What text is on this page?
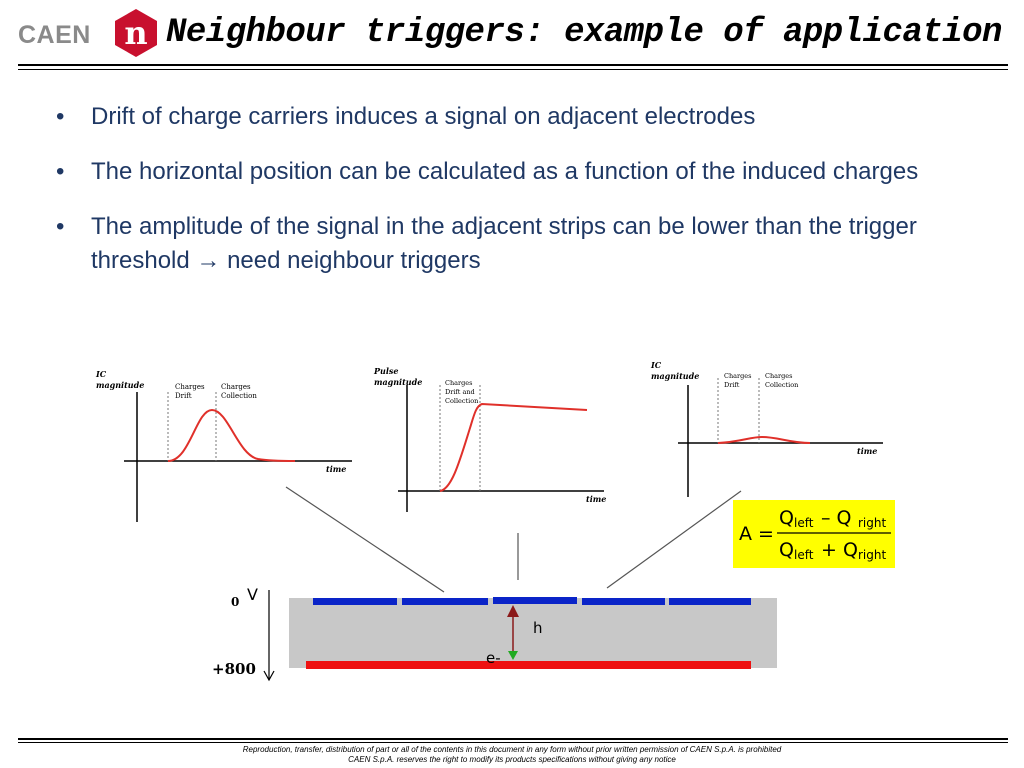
CAEN n Neighbour triggers: example of application
• Drift of charge carriers induces a signal on adjacent electrodes
• The horizontal position can be calculated as a function of the induced charges
• The amplitude of the signal in the adjacent strips can be lower than the trigger threshold → need neighbour triggers
IC
magnitude	Charges
Drift
Charges
Collection
time
Pulse
magnitude	Charges
Drift and
Collection
time
IC
magnitude	Charges
Drift
Charges
Collection
time
h
e-
V
0
+800
A =
Q left – Q right
Q left + Q right
Reproduction, transfer, distribution of part or all of the contents in this document in any form without prior written permission of CAEN S.p.A. is prohibited
CAEN S.p.A. reserves the right to modify its products specifications without giving any notice
